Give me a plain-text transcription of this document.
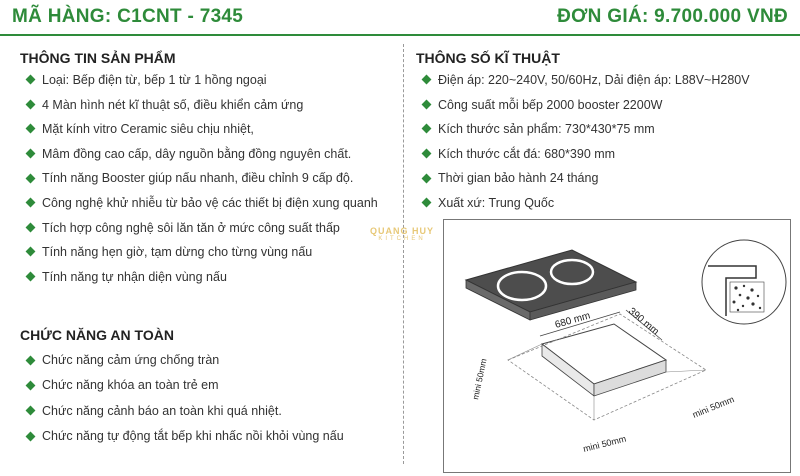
MÃ HÀNG: C1CNT - 7345	ĐƠN GIÁ: 9.700.000 VNĐ
THÔNG TIN SẢN PHẨM
Loại: Bếp điện từ, bếp 1 từ 1 hồng ngoại
4 Màn hình nét kĩ thuật số, điều khiển cảm ứng
Mặt kính vitro Ceramic siêu chịu nhiệt,
Mâm đồng cao cấp, dây nguồn bằng đồng nguyên chất.
Tính năng Booster giúp nấu nhanh, điều chỉnh 9 cấp độ.
Công nghệ khử nhiễu từ bảo vệ các thiết bị điện xung quanh
Tích hợp công nghệ sôi lăn tăn ở mức công suất thấp
Tính năng hẹn giờ, tạm dừng cho từng vùng nấu
Tính năng tự nhận diện vùng nấu
CHỨC NĂNG AN TOÀN
Chức năng cảm ứng chống tràn
Chức năng khóa an toàn trẻ em
Chức năng cảnh báo an toàn khi quá nhiệt.
Chức năng tự động tắt bếp khi nhấc nồi khỏi vùng nấu
THÔNG SỐ KĨ THUẬT
Điện áp: 220~240V, 50/60Hz, Dải điện áp: L88V~H280V
Công suất mỗi bếp 2000 booster 2200W
Kích thước sản phẩm: 730*430*75 mm
Kích thước cắt đá: 680*390 mm
Thời gian bảo hành 24 tháng
Xuất xứ: Trung Quốc
QUANG HUY
KITCHEN
680 mm	390 mm
mini 50mm
mini 50mm
mini 50mm
